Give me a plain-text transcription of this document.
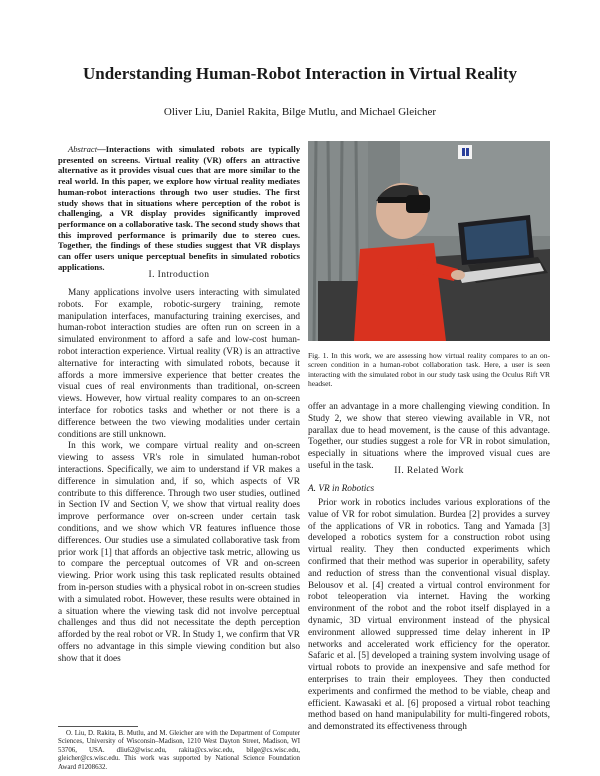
Understanding Human-Robot Interaction in Virtual Reality
Oliver Liu, Daniel Rakita, Bilge Mutlu, and Michael Gleicher

Abstract—Interactions with simulated robots are typically presented on screens. Virtual reality (VR) offers an attractive alternative as it provides visual cues that are more similar to the real world. In this paper, we explore how virtual reality mediates human-robot interactions through two user studies. The first study shows that in situations where perception of the robot is challenging, a VR display provides significantly improved performance on a collaborative task. The second study shows that this improved performance is primarily due to stereo cues. Together, the findings of these studies suggest that VR displays can offer users unique perceptual benefits in simulated robotics applications.

I. Introduction

Many applications involve users interacting with simulated robots. For example, robotic-surgery training, remote manipulation interfaces, manufacturing training exercises, and human-robot interaction studies are often run on screen in a simulated environment to afford a safe and low-cost human-robot interaction experience. Virtual reality (VR) is an attractive alternative for interacting with simulated robots, because it affords a more immersive experience that better creates the visual cues of real environments than traditional, on-screen views. However, how virtual reality compares to an on-screen interface for robotics tasks and whether or not there is a difference between the two viewing modalities under certain conditions are still unknown.

In this work, we compare virtual reality and on-screen viewing to assess VR's role in simulated human-robot interactions. Specifically, we aim to understand if VR makes a difference in simulation and, if so, which aspects of VR contribute to this difference. Through two user studies, outlined in Section IV and Section V, we show that virtual reality does improve performance over on-screen under certain task conditions, and we show which VR features influence those differences. Our studies use a simulated collaborative task from prior work [1] that affords an objective task metric, allowing us to compare the perceptual outcomes of VR and on-screen viewing. Prior work using this task replicated results obtained from in-person studies with a physical robot in on-screen studies with a simulated robot. However, these results were obtained in a situation where the viewing task did not involve perceptual challenges and thus did not necessitate the depth perception afforded by the real robot or VR. In Study 1, we confirm that VR offers no advantage in this simple viewing condition but also show that it does

O. Liu, D. Rakita, B. Mutlu, and M. Gleicher are with the Department of Computer Sciences, University of Wisconsin–Madison, 1210 West Dayton Street, Madison, WI 53706, USA. dliu62@wisc.edu, rakita@cs.wisc.edu, bilge@cs.wisc.edu, gleicher@cs.wisc.edu. This work was supported by National Science Foundation Award #1208632.

Fig. 1. In this work, we are assessing how virtual reality compares to an on-screen condition in a human-robot collaboration task. Here, a user is seen interacting with the simulated robot in our study task using the Oculus Rift VR headset.

offer an advantage in a more challenging viewing condition. In Study 2, we show that stereo viewing available in VR, not parallax due to head movement, is the cause of this advantage. Together, our studies suggest a role for VR in robot simulation, especially in situations where the improved visual cues are useful in the task.

II. Related Work
A. VR in Robotics

Prior work in robotics includes various explorations of the value of VR for robot simulation. Burdea [2] provides a survey of the applications of VR in robotics. Tang and Yamada [3] developed a robotics system for a construction robot using virtual reality. They then conducted experiments which confirmed that their method was superior in operability, safety and reduction of stress than the conventional visual display. Belousov et al. [4] created a virtual control environment for robot teleoperation via internet. Having the working environment of the robot and the robot itself displayed in a dynamic, 3D virtual environment instead of the physical environment allowed suppressed time delay inherent in IP networks and accelerated work efficiency for the operator. Safaric et al. [5] developed a training system involving usage of virtual robots to provide an inexpensive and safe method for enterprises to train their employees. They then conducted experiments and confirmed the method to be viable, cheap and efficient. Kawasaki et al. [6] proposed a virtual robot teaching method based on hand manipulability for multi-fingered robots, and demonstrated its effectiveness through
